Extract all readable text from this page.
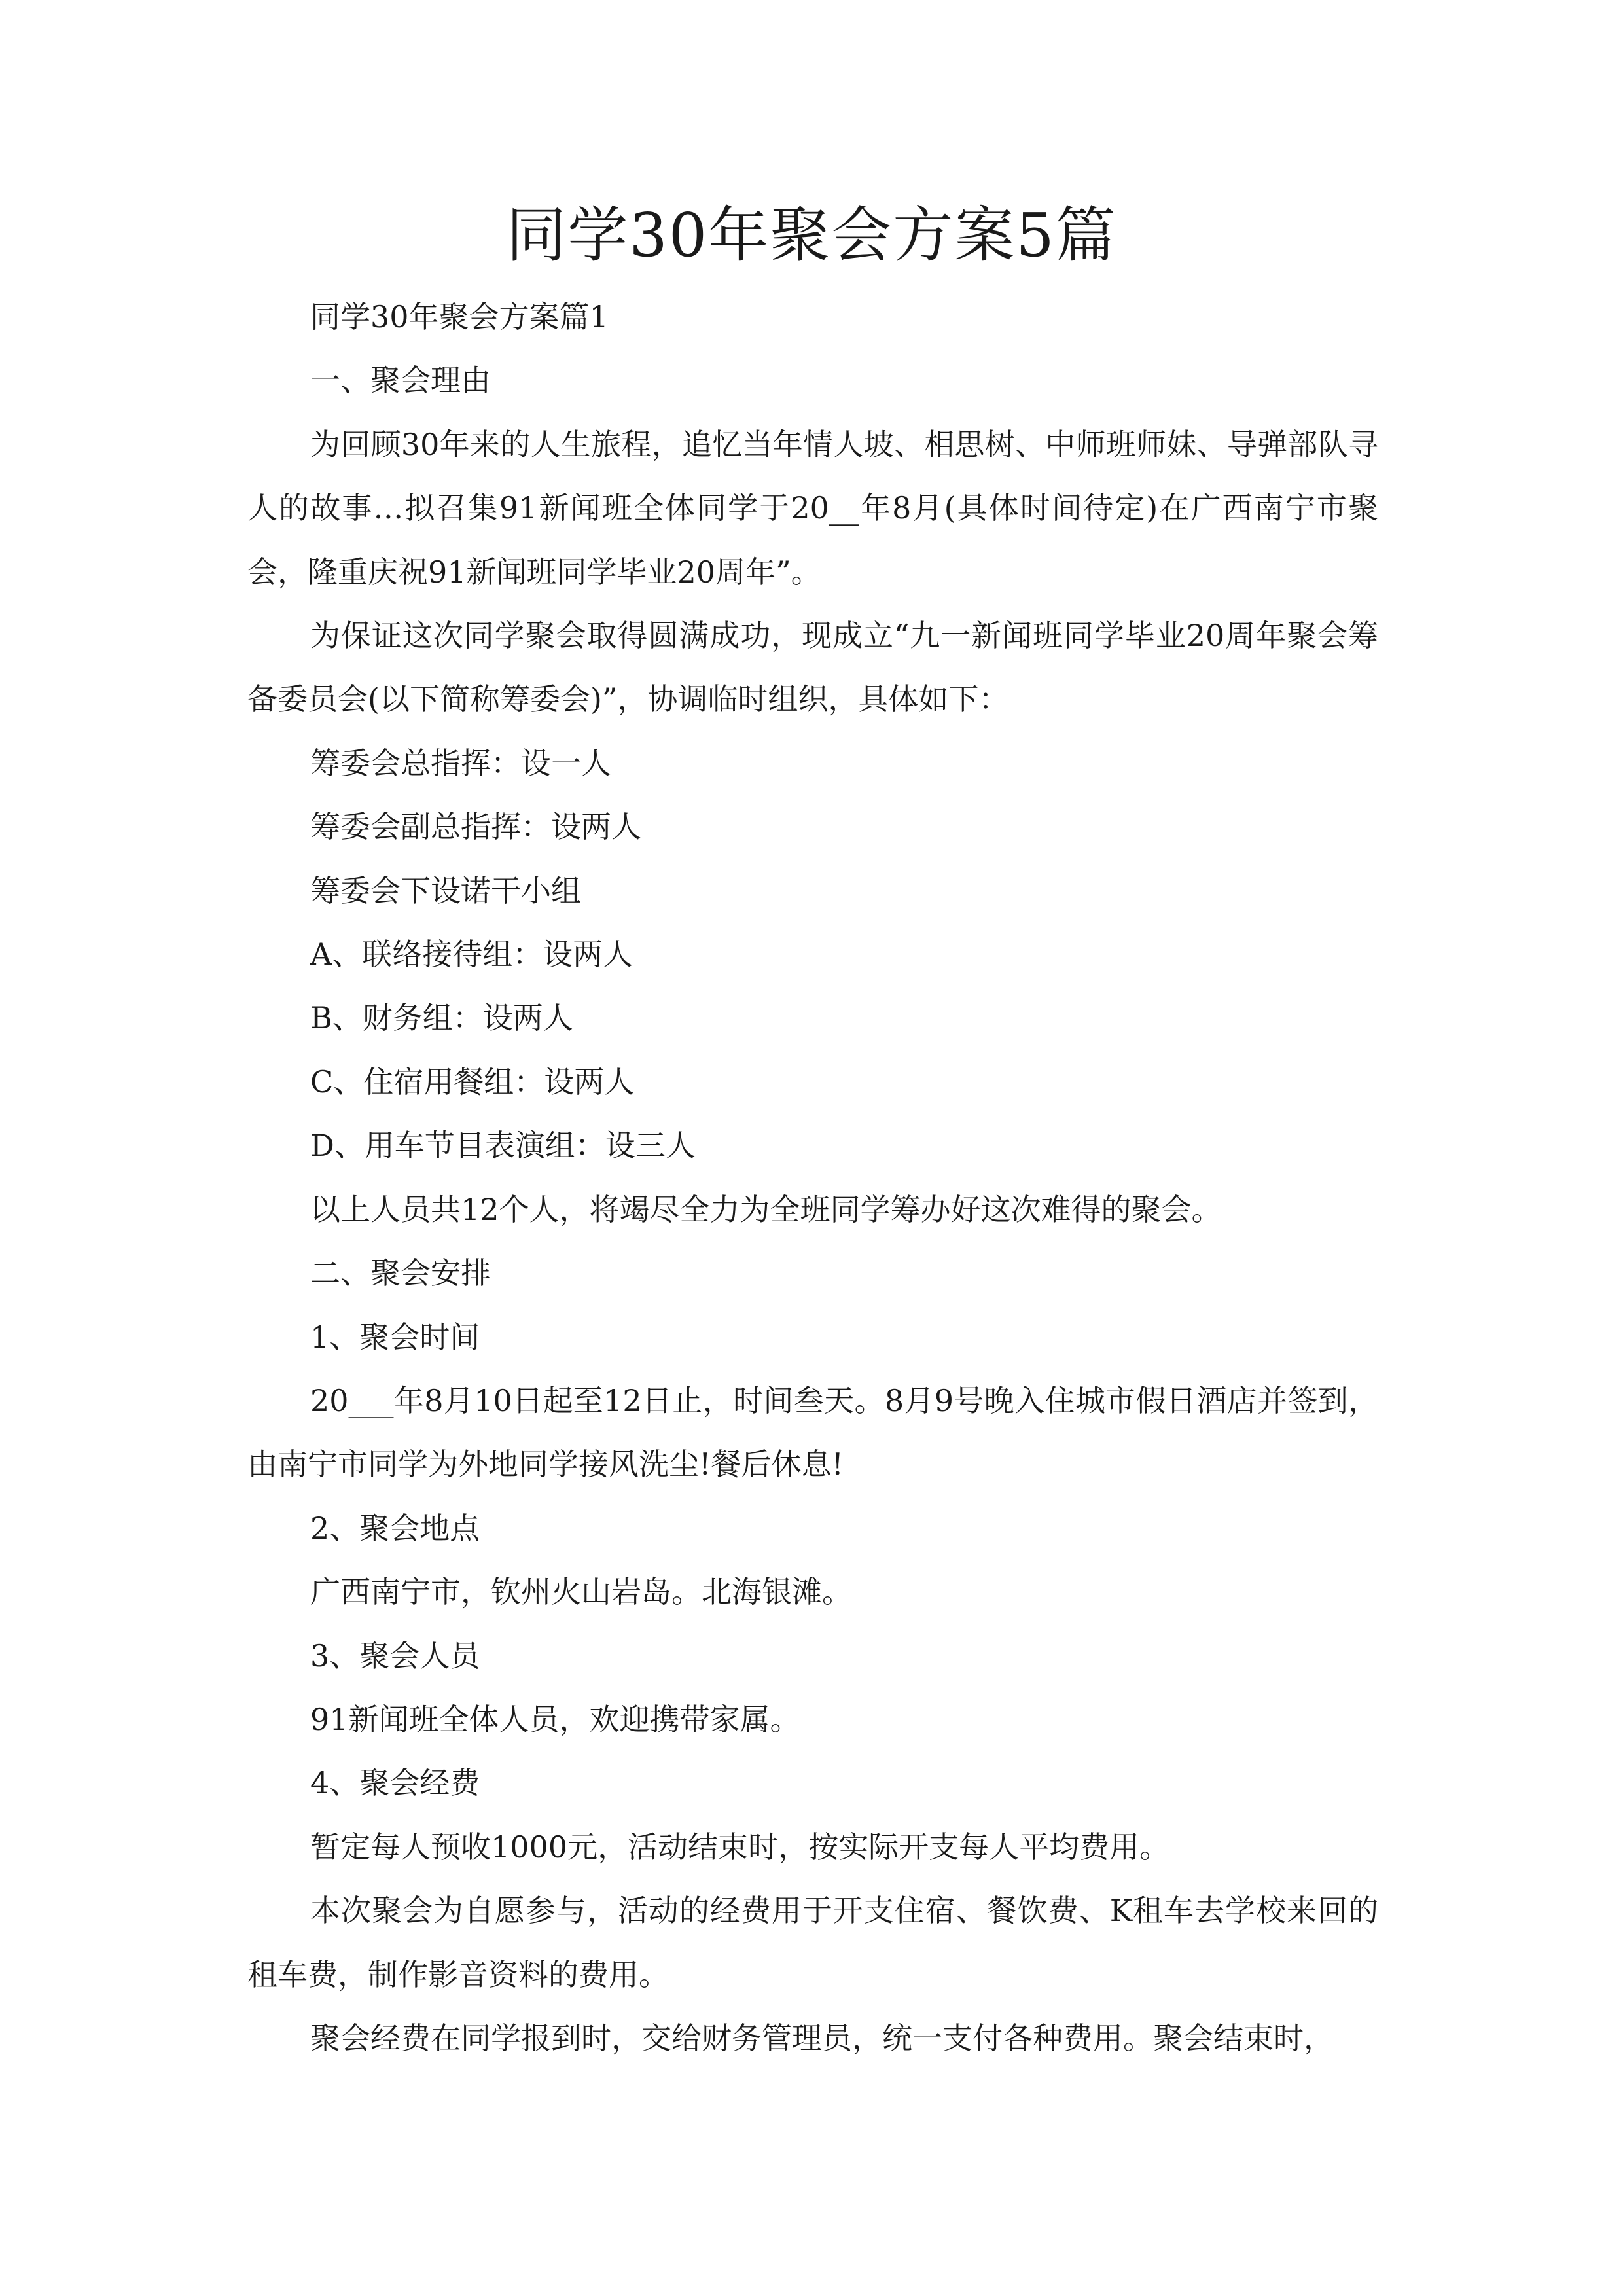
同学30年聚会方案5篇

同学30年聚会方案篇1

一、聚会理由

为回顾30年来的人生旅程，追忆当年情人坡、相思树、中师班师妹、导弹部队寻人的故事…拟召集91新闻班全体同学于20__年8月(具体时间待定)在广西南宁市聚会，隆重庆祝91新闻班同学毕业20周年”。

为保证这次同学聚会取得圆满成功，现成立“九一新闻班同学毕业20周年聚会筹备委员会(以下简称筹委会)”，协调临时组织，具体如下：

筹委会总指挥：设一人

筹委会副总指挥：设两人

筹委会下设诺干小组

A、联络接待组：设两人

B、财务组：设两人

C、住宿用餐组：设两人

D、用车节目表演组：设三人

以上人员共12个人，将竭尽全力为全班同学筹办好这次难得的聚会。

二、聚会安排

1、聚会时间

20___年8月10日起至12日止，时间叁天。8月9号晚入住城市假日酒店并签到，由南宁市同学为外地同学接风洗尘!餐后休息!

2、聚会地点

广西南宁市，钦州火山岩岛。北海银滩。

3、聚会人员

91新闻班全体人员，欢迎携带家属。

4、聚会经费

暂定每人预收1000元，活动结束时，按实际开支每人平均费用。

本次聚会为自愿参与，活动的经费用于开支住宿、餐饮费、K租车去学校来回的租车费，制作影音资料的费用。

聚会经费在同学报到时，交给财务管理员，统一支付各种费用。聚会结束时，
